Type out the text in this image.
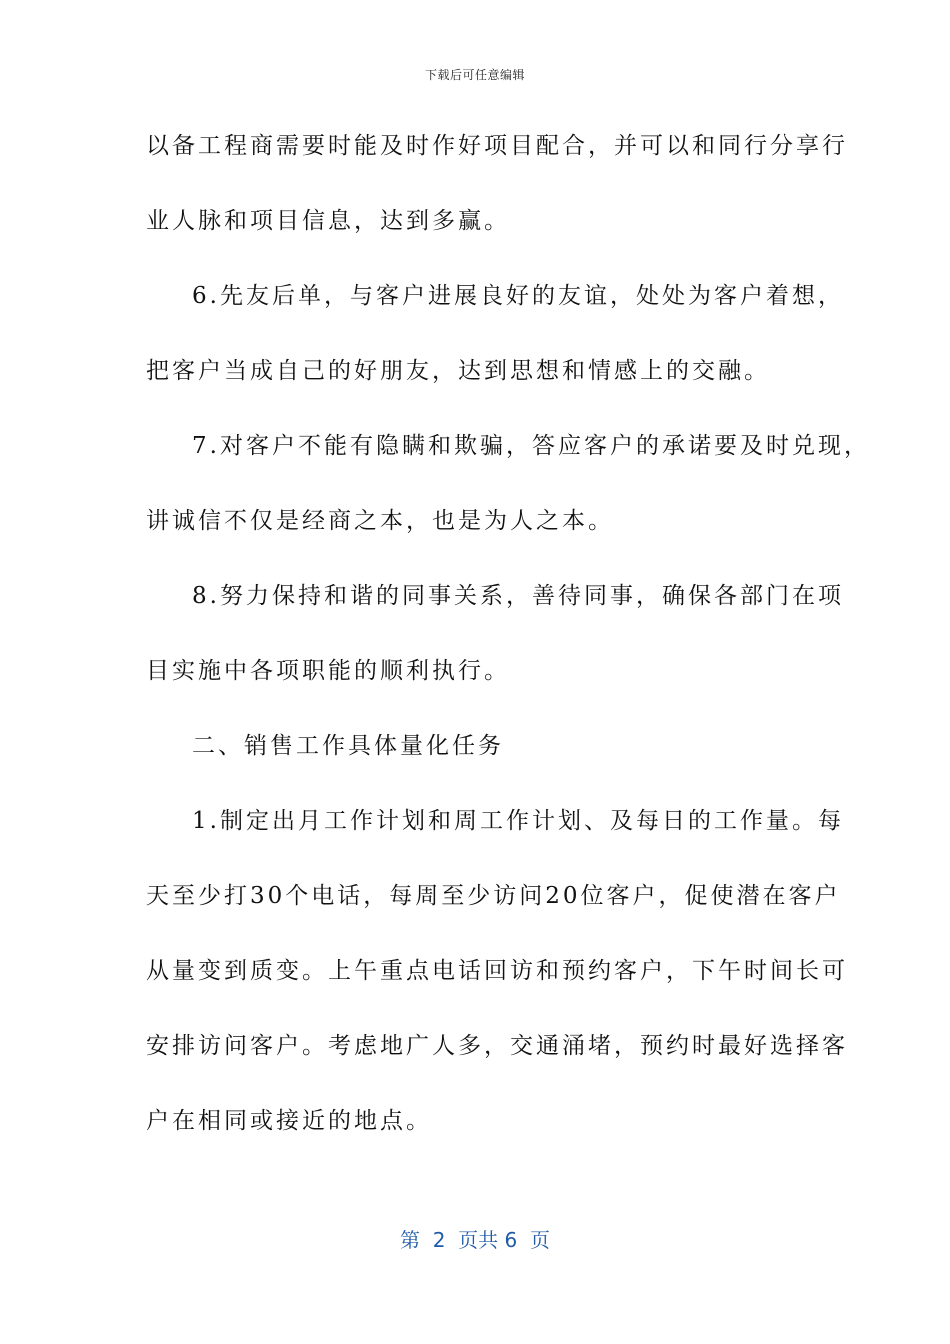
下载后可任意编辑
以备工程商需要时能及时作好项目配合，并可以和同行分享行
业人脉和项目信息，达到多赢。
6.先友后单，与客户进展良好的友谊，处处为客户着想，
把客户当成自己的好朋友，达到思想和情感上的交融。
7.对客户不能有隐瞒和欺骗，答应客户的承诺要及时兑现，
讲诚信不仅是经商之本，也是为人之本。
8.努力保持和谐的同事关系，善待同事，确保各部门在项
目实施中各项职能的顺利执行。
二、销售工作具体量化任务
1.制定出月工作计划和周工作计划、及每日的工作量。每
天至少打30个电话，每周至少访问20位客户，促使潜在客户
从量变到质变。上午重点电话回访和预约客户，下午时间长可
安排访问客户。考虑地广人多，交通涌堵，预约时最好选择客
户在相同或接近的地点。
第  2  页共 6  页
